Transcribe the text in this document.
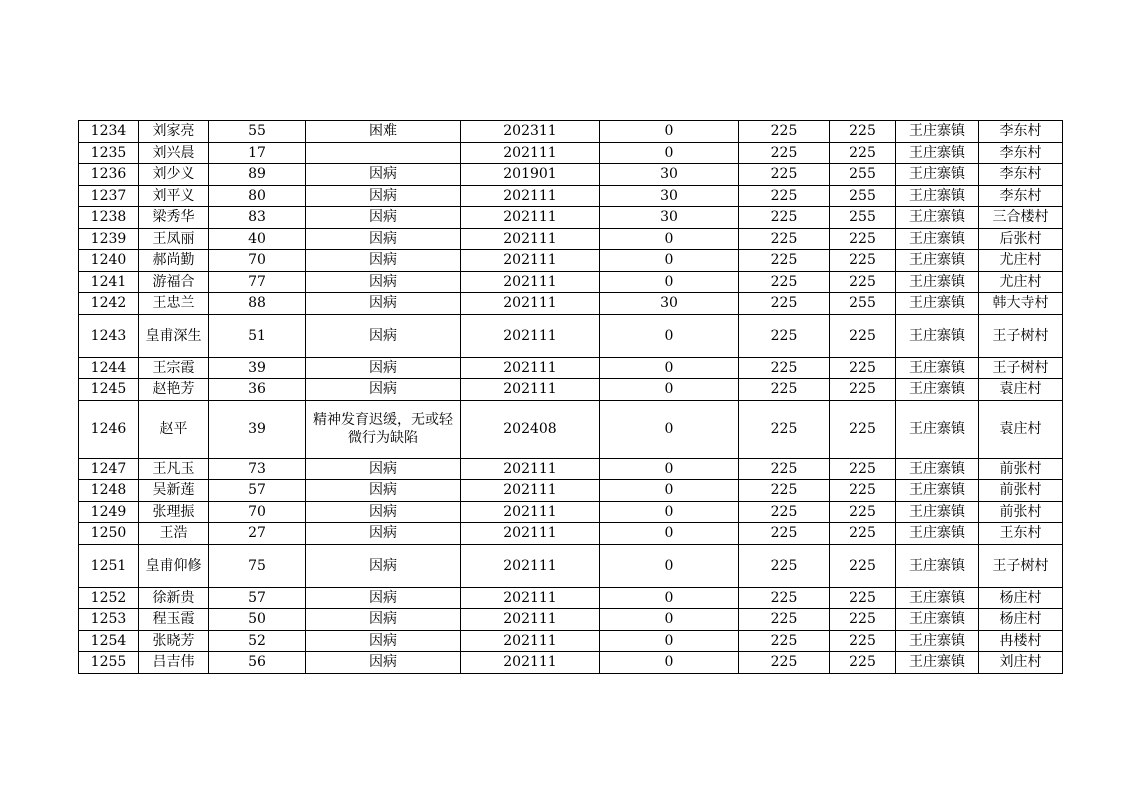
1234	刘家亮	55	困难	202311	0	225	225	王庄寨镇	李东村
1235	刘兴晨	17		202111	0	225	225	王庄寨镇	李东村
1236	刘少义	89	因病	201901	30	225	255	王庄寨镇	李东村
1237	刘平义	80	因病	202111	30	225	255	王庄寨镇	李东村
1238	梁秀华	83	因病	202111	30	225	255	王庄寨镇	三合楼村
1239	王凤丽	40	因病	202111	0	225	225	王庄寨镇	后张村
1240	郝尚勤	70	因病	202111	0	225	225	王庄寨镇	尤庄村
1241	游福合	77	因病	202111	0	225	225	王庄寨镇	尤庄村
1242	王忠兰	88	因病	202111	30	225	255	王庄寨镇	韩大寺村
1243	皇甫深生	51	因病	202111	0	225	225	王庄寨镇	王子树村
1244	王宗霞	39	因病	202111	0	225	225	王庄寨镇	王子树村
1245	赵艳芳	36	因病	202111	0	225	225	王庄寨镇	袁庄村
1246	赵平	39	精神发育迟缓，无或轻微行为缺陷	202408	0	225	225	王庄寨镇	袁庄村
1247	王凡玉	73	因病	202111	0	225	225	王庄寨镇	前张村
1248	吴新莲	57	因病	202111	0	225	225	王庄寨镇	前张村
1249	张理振	70	因病	202111	0	225	225	王庄寨镇	前张村
1250	王浩	27	因病	202111	0	225	225	王庄寨镇	王东村
1251	皇甫仰修	75	因病	202111	0	225	225	王庄寨镇	王子树村
1252	徐新贵	57	因病	202111	0	225	225	王庄寨镇	杨庄村
1253	程玉霞	50	因病	202111	0	225	225	王庄寨镇	杨庄村
1254	张晓芳	52	因病	202111	0	225	225	王庄寨镇	冉楼村
1255	吕吉伟	56	因病	202111	0	225	225	王庄寨镇	刘庄村
